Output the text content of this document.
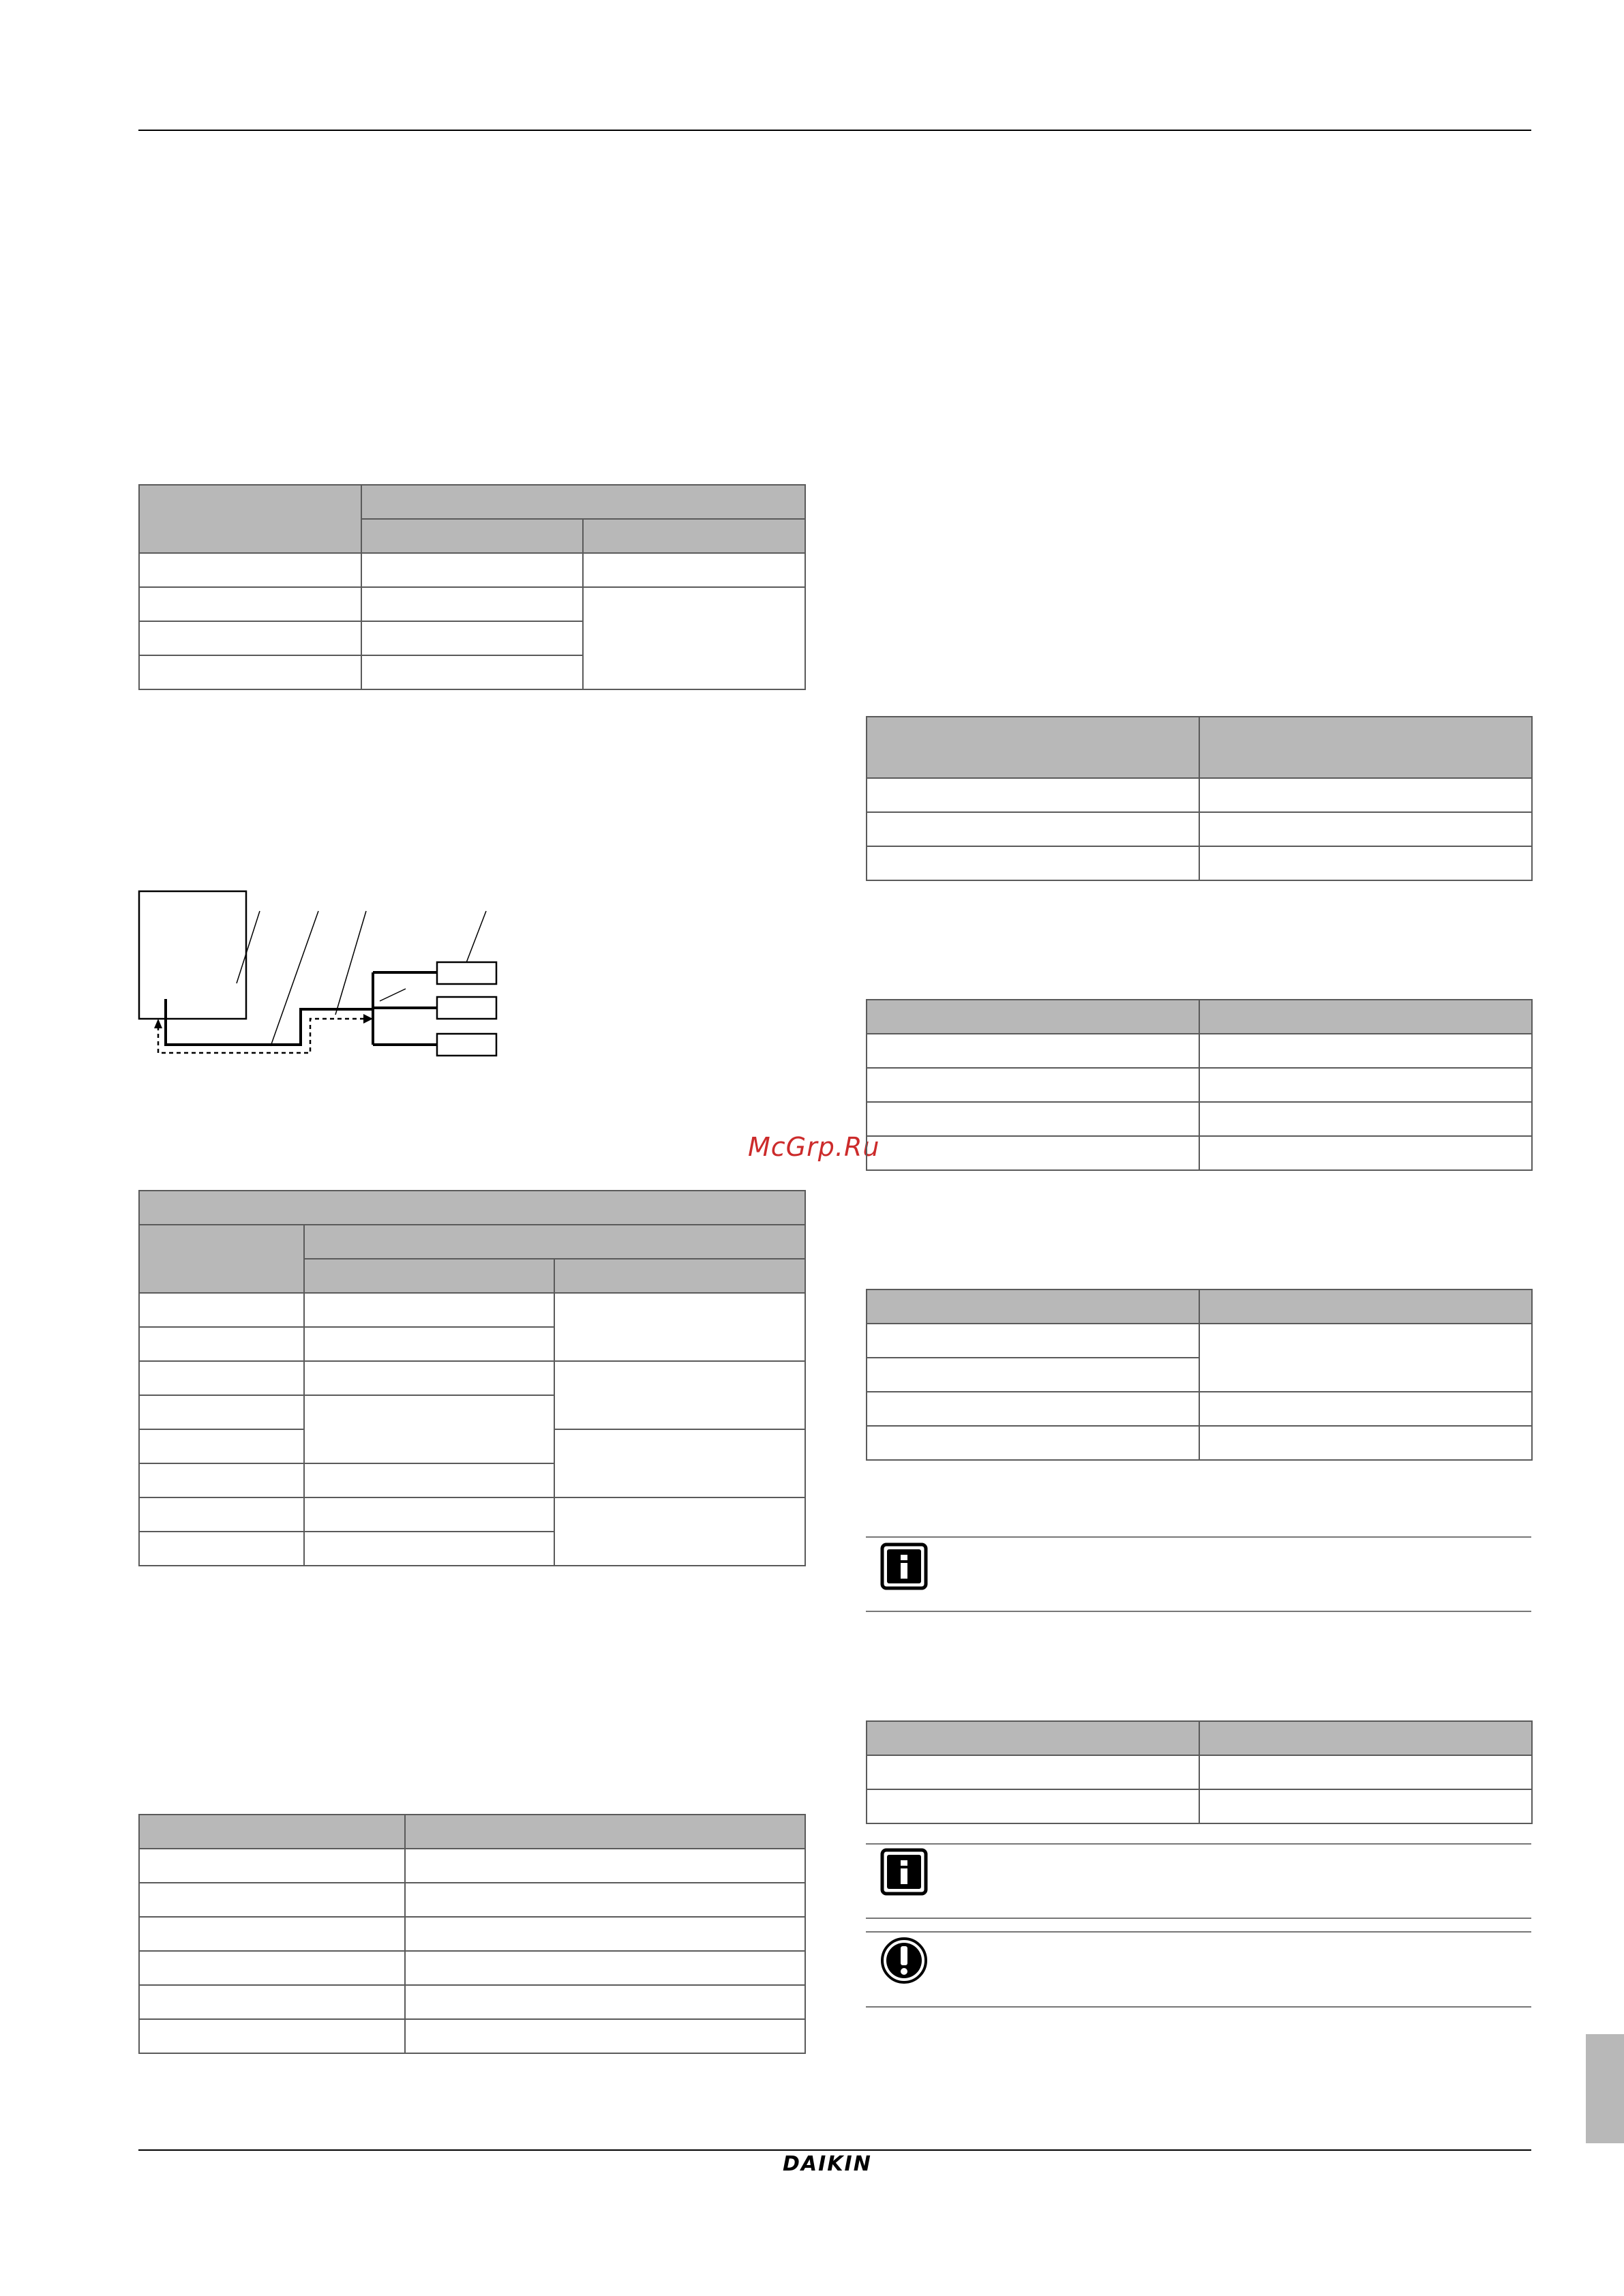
McGrp.Ru

DAIKIN
